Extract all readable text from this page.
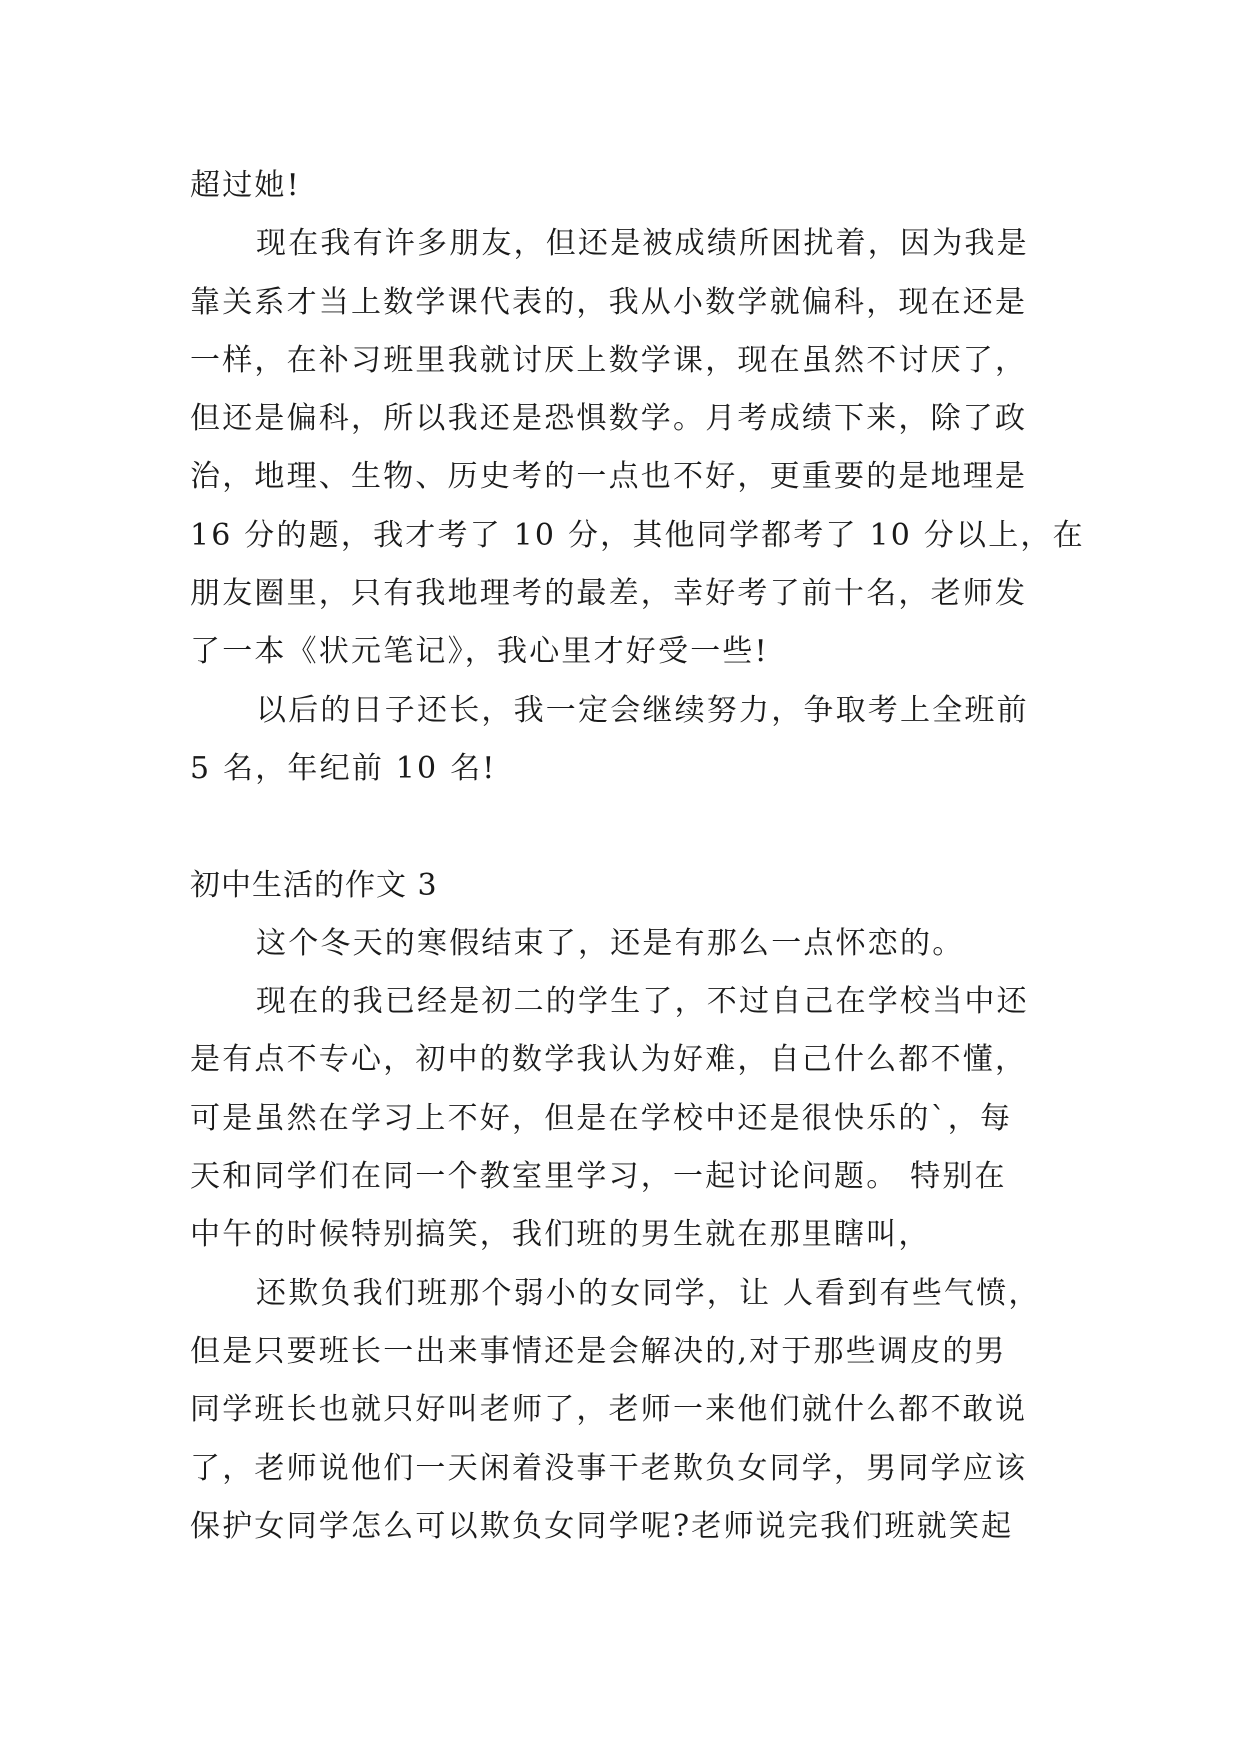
超过她!
现在我有许多朋友，但还是被成绩所困扰着，因为我是
靠关系才当上数学课代表的，我从小数学就偏科，现在还是
一样，在补习班里我就讨厌上数学课，现在虽然不讨厌了，
但还是偏科，所以我还是恐惧数学。月考成绩下来，除了政
治，地理、生物、历史考的一点也不好，更重要的是地理是
16 分的题，我才考了 10 分，其他同学都考了 10 分以上，在
朋友圈里，只有我地理考的最差，幸好考了前十名，老师发
了一本《状元笔记》，我心里才好受一些!
以后的日子还长，我一定会继续努力，争取考上全班前
5 名，年纪前 10 名!
初中生活的作文 3
这个冬天的寒假结束了，还是有那么一点怀恋的。
现在的我已经是初二的学生了，不过自己在学校当中还
是有点不专心，初中的数学我认为好难，自己什么都不懂，
可是虽然在学习上不好，但是在学校中还是很快乐的`，每
天和同学们在同一个教室里学习，一起讨论问题。 特别在
中午的时候特别搞笑，我们班的男生就在那里瞎叫，
还欺负我们班那个弱小的女同学，让 人看到有些气愤，
但是只要班长一出来事情还是会解决的,对于那些调皮的男
同学班长也就只好叫老师了，老师一来他们就什么都不敢说
了，老师说他们一天闲着没事干老欺负女同学，男同学应该
保护女同学怎么可以欺负女同学呢?老师说完我们班就笑起
